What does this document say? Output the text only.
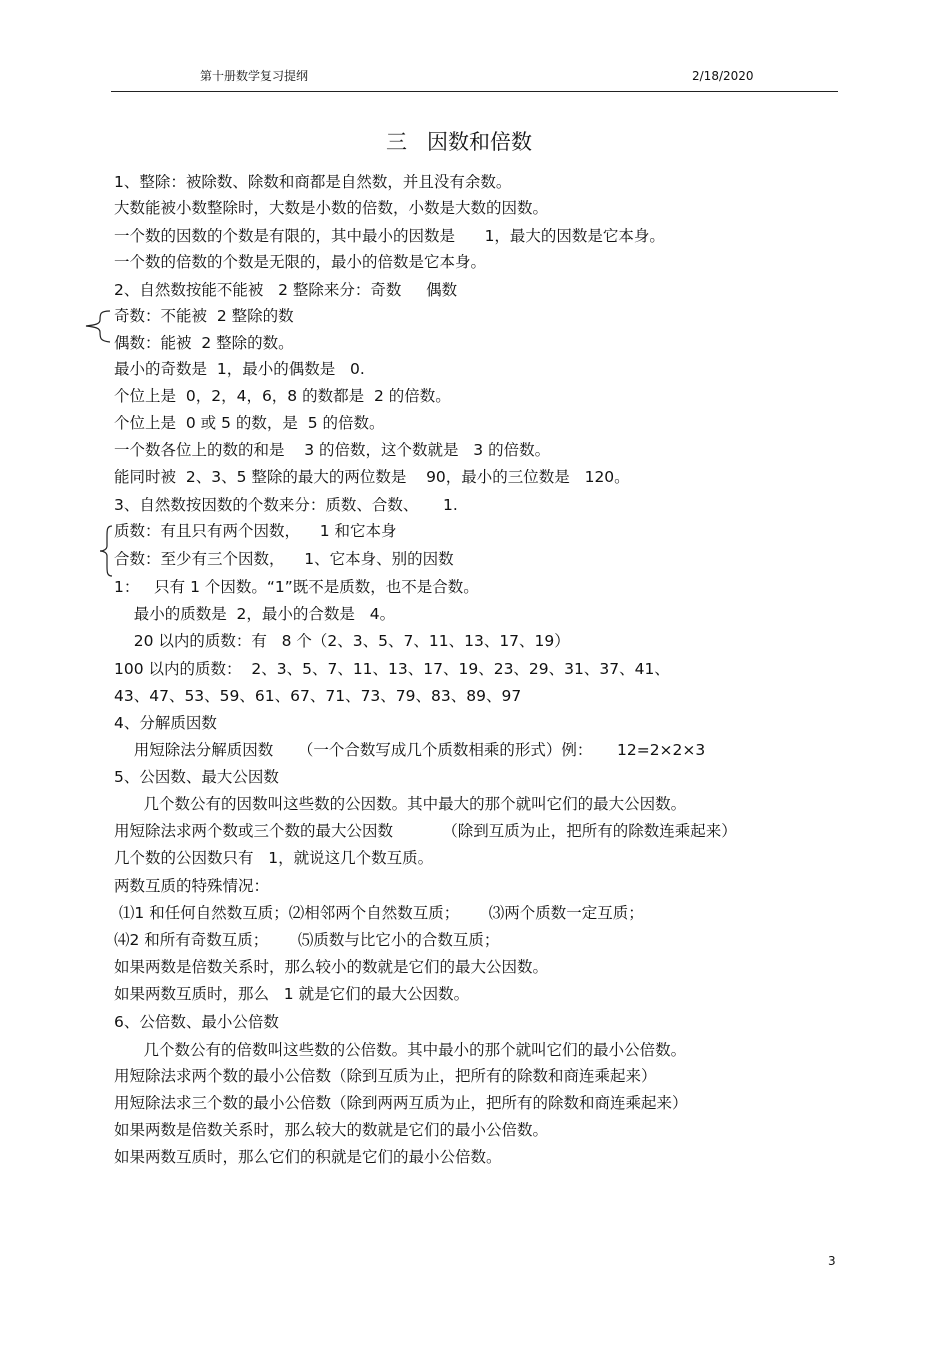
第十册数学复习提纲	2/18/2020
三   因数和倍数
1、整除：被除数、除数和商都是自然数，并且没有余数。
大数能被小数整除时，大数是小数的倍数，小数是大数的因数。
一个数的因数的个数是有限的，其中最小的因数是      1，最大的因数是它本身。
一个数的倍数的个数是无限的，最小的倍数是它本身。
2、自然数按能不能被   2 整除来分：奇数     偶数
奇数：不能被  2 整除的数
偶数：能被  2 整除的数。
最小的奇数是  1，最小的偶数是   0.
个位上是  0，2，4，6，8 的数都是  2 的倍数。
个位上是  0 或 5 的数，是  5 的倍数。
一个数各位上的数的和是    3 的倍数，这个数就是   3 的倍数。
能同时被  2、3、5 整除的最大的两位数是    90，最小的三位数是   120。
3、自然数按因数的个数来分：质数、合数、     1.
质数：有且只有两个因数，    1 和它本身
合数：至少有三个因数，    1、它本身、别的因数
1：   只有 1 个因数。“1”既不是质数，也不是合数。
最小的质数是  2，最小的合数是   4。
20 以内的质数：有   8 个（2、3、5、7、11、13、17、19）
100 以内的质数：  2、3、5、7、11、13、17、19、23、29、31、37、41、
43、47、53、59、61、67、71、73、79、83、89、97
4、分解质因数
用短除法分解质因数     （一个合数写成几个质数相乘的形式）例：     12=2×2×3
5、公因数、最大公因数
几个数公有的因数叫这些数的公因数。其中最大的那个就叫它们的最大公因数。
用短除法求两个数或三个数的最大公因数          （除到互质为止，把所有的除数连乘起来）
几个数的公因数只有   1，就说这几个数互质。
两数互质的特殊情况：
⑴1 和任何自然数互质；⑵相邻两个自然数互质；      ⑶两个质数一定互质；
⑷2 和所有奇数互质；      ⑸质数与比它小的合数互质；
如果两数是倍数关系时，那么较小的数就是它们的最大公因数。
如果两数互质时，那么   1 就是它们的最大公因数。
6、公倍数、最小公倍数
几个数公有的倍数叫这些数的公倍数。其中最小的那个就叫它们的最小公倍数。
用短除法求两个数的最小公倍数（除到互质为止，把所有的除数和商连乘起来）
用短除法求三个数的最小公倍数（除到两两互质为止，把所有的除数和商连乘起来）
如果两数是倍数关系时，那么较大的数就是它们的最小公倍数。
如果两数互质时，那么它们的积就是它们的最小公倍数。
3
